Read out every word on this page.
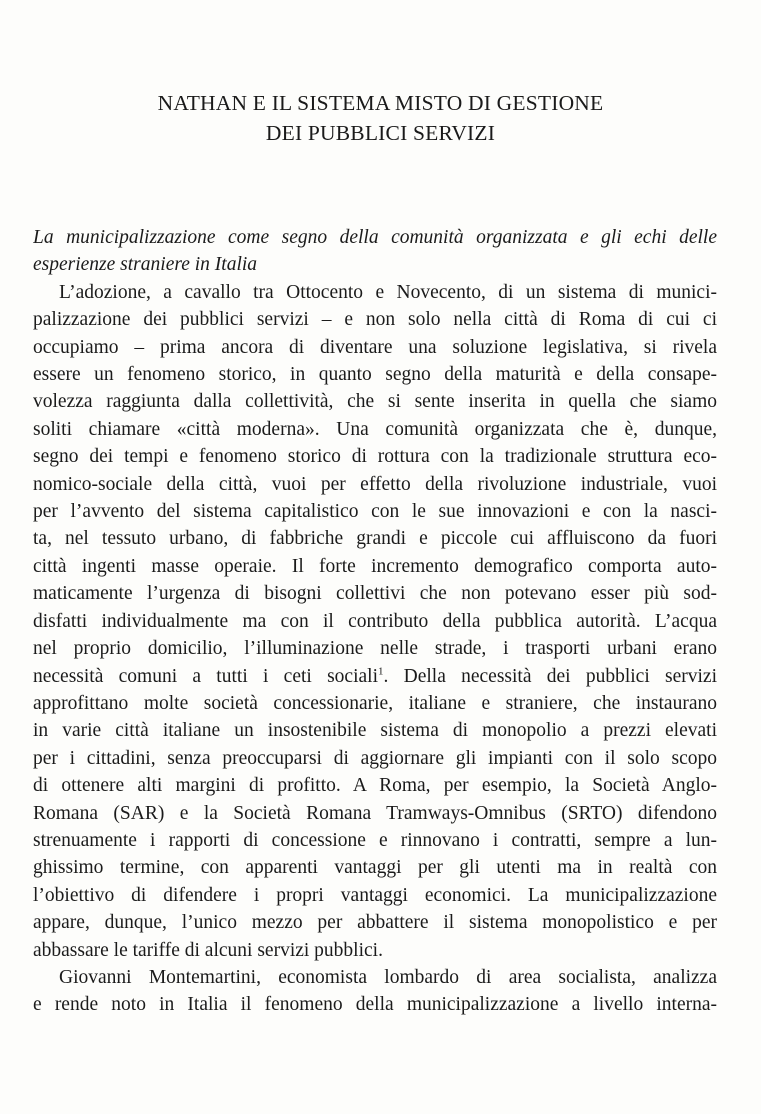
NATHAN E IL SISTEMA MISTO DI GESTIONE
DEI PUBBLICI SERVIZI
La municipalizzazione come segno della comunità organizzata e gli echi delle
esperienze straniere in Italia
L’adozione, a cavallo tra Ottocento e Novecento, di un sistema di munici-
palizzazione dei pubblici servizi – e non solo nella città di Roma di cui ci
occupiamo – prima ancora di diventare una soluzione legislativa, si rivela
essere un fenomeno storico, in quanto segno della maturità e della consape-
volezza raggiunta dalla collettività, che si sente inserita in quella che siamo
soliti chiamare «città moderna». Una comunità organizzata che è, dunque,
segno dei tempi e fenomeno storico di rottura con la tradizionale struttura eco-
nomico-sociale della città, vuoi per effetto della rivoluzione industriale, vuoi
per l’avvento del sistema capitalistico con le sue innovazioni e con la nasci-
ta, nel tessuto urbano, di fabbriche grandi e piccole cui affluiscono da fuori
città ingenti masse operaie. Il forte incremento demografico comporta auto-
maticamente l’urgenza di bisogni collettivi che non potevano esser più sod-
disfatti individualmente ma con il contributo della pubblica autorità. L’acqua
nel proprio domicilio, l’illuminazione nelle strade, i trasporti urbani erano
necessità comuni a tutti i ceti sociali$^1$. Della necessità dei pubblici servizi
approfittano molte società concessionarie, italiane e straniere, che instaurano
in varie città italiane un insostenibile sistema di monopolio a prezzi elevati
per i cittadini, senza preoccuparsi di aggiornare gli impianti con il solo scopo
di ottenere alti margini di profitto. A Roma, per esempio, la Società Anglo-
Romana (SAR) e la Società Romana Tramways-Omnibus (SRTO) difendono
strenuamente i rapporti di concessione e rinnovano i contratti, sempre a lun-
ghissimo termine, con apparenti vantaggi per gli utenti ma in realtà con
l’obiettivo di difendere i propri vantaggi economici. La municipalizzazione
appare, dunque, l’unico mezzo per abbattere il sistema monopolistico e per
abbassare le tariffe di alcuni servizi pubblici.
Giovanni Montemartini, economista lombardo di area socialista, analizza
e rende noto in Italia il fenomeno della municipalizzazione a livello interna-
